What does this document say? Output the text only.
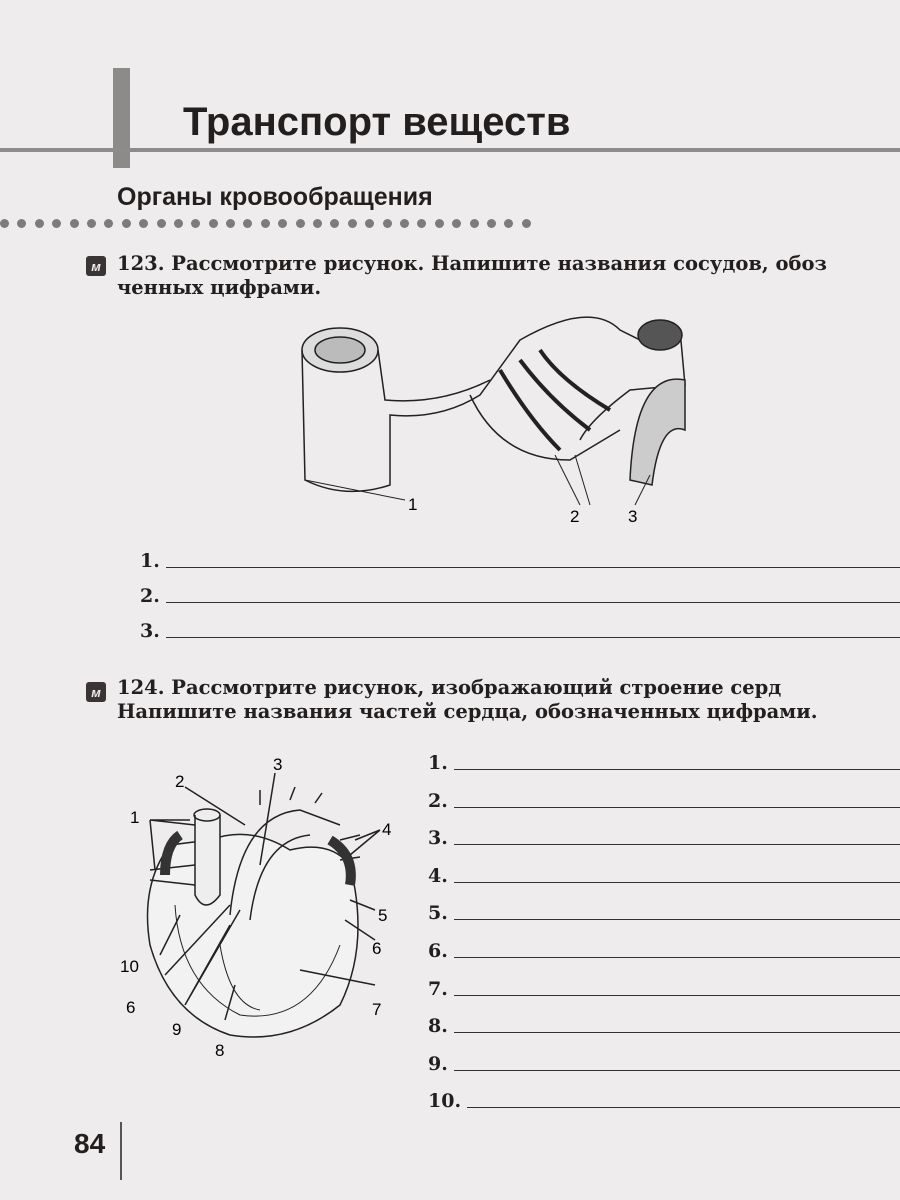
Транспорт веществ
Органы кровообращения
м 123. Рассмотрите рисунок. Напишите названия сосудов, обоз
ченных цифрами.
1
2	3
1.
2.
3.
м 124. Рассмотрите рисунок, изображающий строение серд
Напишите названия частей сердца, обозначенных цифрами.
1
2
3
4
5
6
7
8
9
10
6
1.
2.
3.
4.
5.
6.
7.
8.
9.
10.
84
